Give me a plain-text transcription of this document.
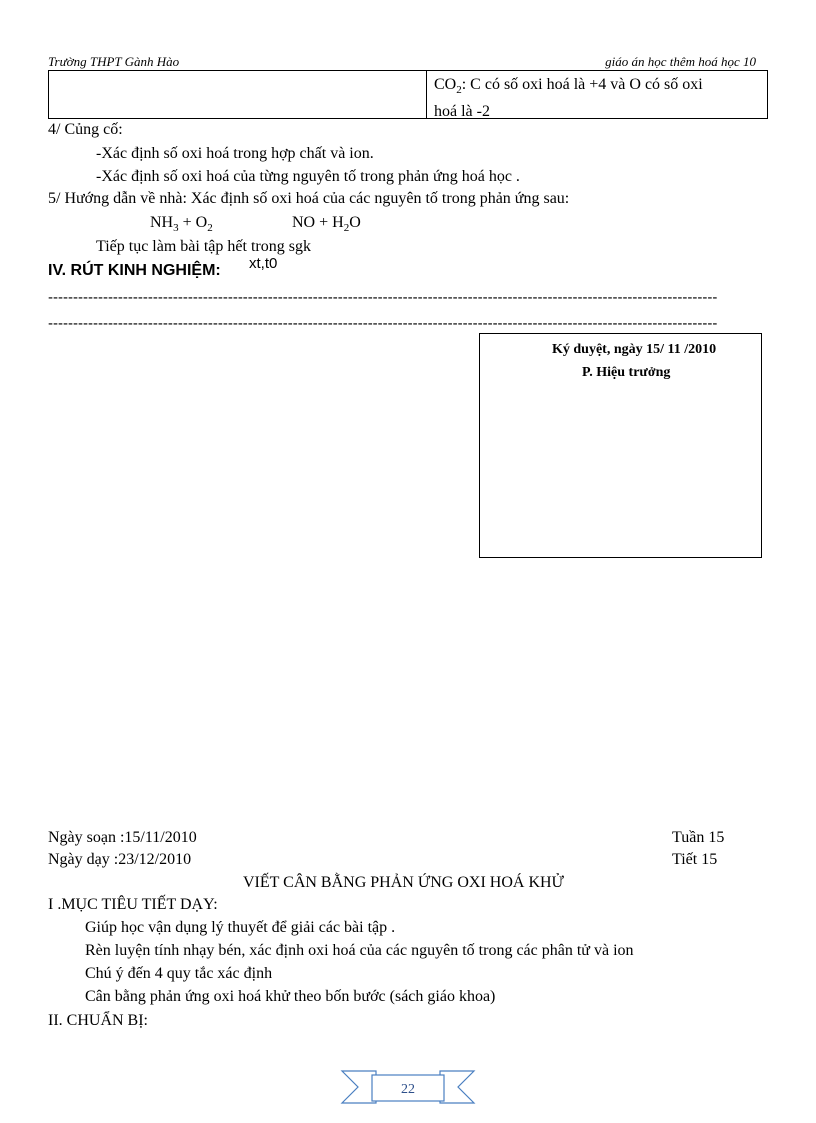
Trường THPT Gành Hào	giáo án học thêm hoá học 10
$CO_2$: C có số oxi hoá là +4 và O có số oxi
hoá là -2
4/ Củng cố:
-Xác định số oxi hoá trong hợp chất và ion.
-Xác định số oxi hoá của từng nguyên tố trong phản ứng hoá học .
5/ Hướng dẫn về nhà: Xác định số oxi hoá của các nguyên tố trong phản ứng sau:
$NH_3 + O_2$	NO + $H_2O$
Tiếp tục làm bài tập hết trong sgk
IV. RÚT KINH NGHIỆM: xt,t0
--------------------------------------------------------------------------------------------------------------------------------------
--------------------------------------------------------------------------------------------------------------------------------------
Ký duyệt, ngày 15/ 11 /2010
P. Hiệu trưởng
Ngày soạn :15/11/2010	Tuần 15
Ngày dạy :23/12/2010	Tiết 15
VIẾT CÂN BẰNG PHẢN ỨNG OXI HOÁ KHỬ
I .MỤC TIÊU TIẾT DẠY:
Giúp học vận dụng lý thuyết để giải các bài tập .
Rèn luyện tính nhạy bén, xác định oxi hoá của các nguyên tố trong các phân tử và ion
Chú ý đến 4 quy tắc xác định
Cân bằng phản ứng oxi hoá khử theo bốn bước (sách giáo khoa)
II. CHUẨN BỊ:
22
